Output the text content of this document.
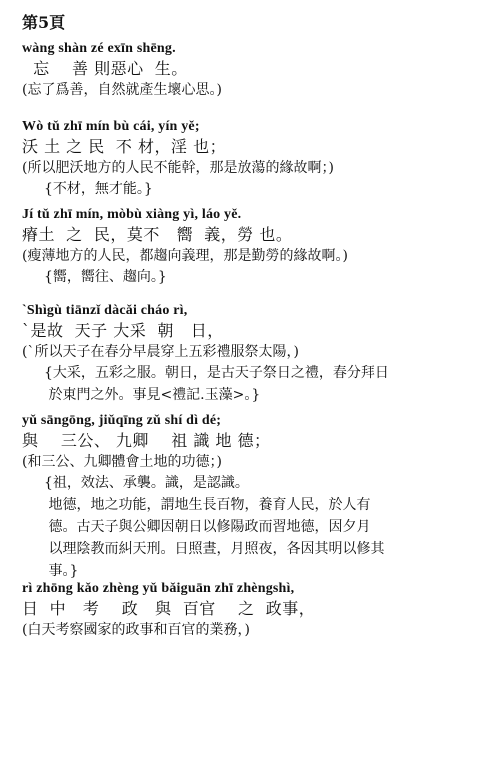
第5頁
wàng shàn zé exīn shēng.
忘    善 則惡心  生。
(忘了爲善，自然就產生壞心思。)
Wò tǔ zhī mín bù cái, yín yě;
沃 土 之 民  不 材，淫 也；
(所以肥沃地方的人民不能幹，那是放蕩的緣故啊；)
{不材，無才能。}
Jí tǔ zhī mín, mòbù xiàng yì, láo yě.
瘠土  之  民，莫不   嚮  義，勞 也。
(瘦薄地方的人民，都趨向義理，那是勤勞的緣故啊。)
{嚮，嚮往、趨向。}
`Shìgù tiānzǐ dàcǎi cháo rì,
`是故  天子 大采  朝   日，
(`所以天子在春分早晨穿上五彩禮服祭太陽，)
{大采，五彩之服。朝日，是古天子祭日之禮，春分拜日
於東門之外。事見<禮記.玉藻>。}
yǔ sāngōng, jiǔqīng zǔ shí dì dé;
與    三公、 九卿    祖 識 地 德；
(和三公、九卿體會土地的功德；)
{祖，效法、承襲。識，是認識。
地德，地之功能，謂地生長百物，養育人民，於人有
德。古天子與公卿因朝日以修陽政而習地德，因夕月
以理陰教而糾天刑。日照晝，月照夜，各因其明以修其
事。}
rì zhōng kǎo zhèng yǔ bǎiguān zhī zhèngshì,
日  中   考    政   與  百官    之  政事，
(白天考察國家的政事和百官的業務，)
